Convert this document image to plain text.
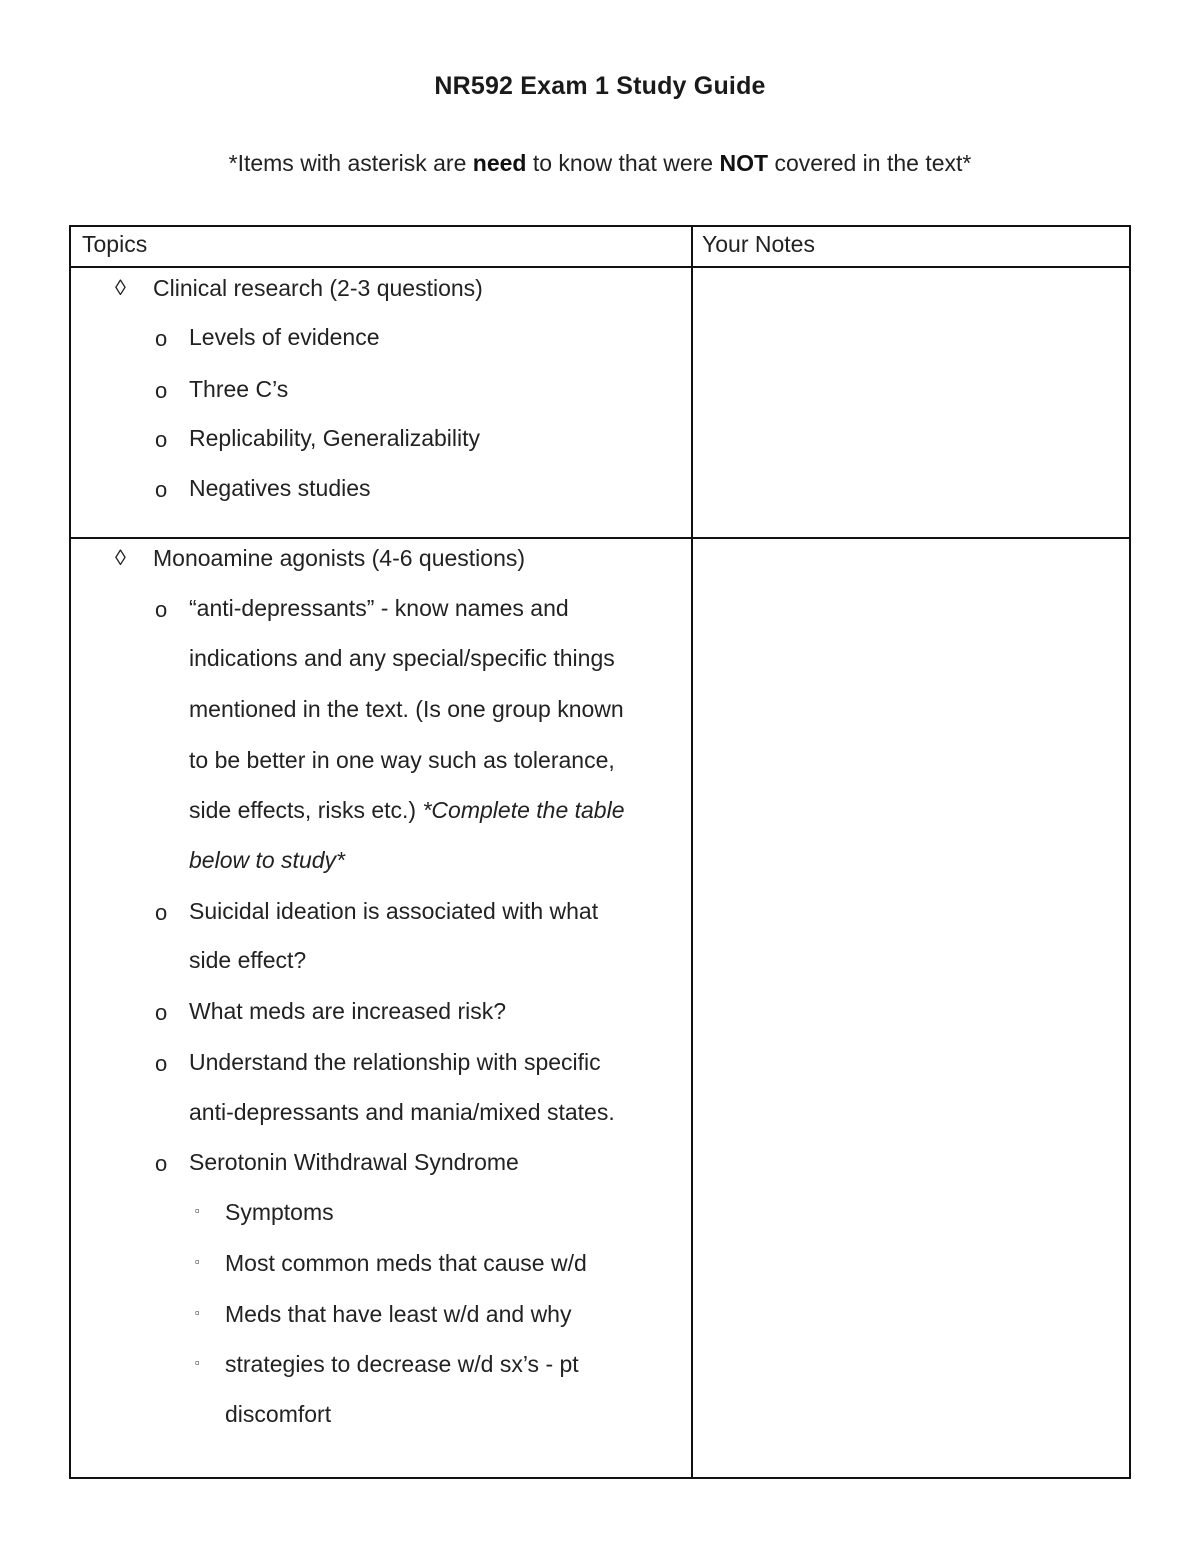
NR592 Exam 1 Study Guide
*Items with asterisk are need to know that were NOT covered in the text*
Topics	Your Notes
◊ Clinical research (2-3 questions)
o Levels of evidence
o Three C’s
o Replicability, Generalizability
o Negatives studies
◊ Monoamine agonists (4-6 questions)
o “anti-depressants” - know names and
indications and any special/specific things
mentioned in the text. (Is one group known
to be better in one way such as tolerance,
side effects, risks etc.) *Complete the table
below to study*
o Suicidal ideation is associated with what
side effect?
o What meds are increased risk?
o Understand the relationship with specific
anti-depressants and mania/mixed states.
o Serotonin Withdrawal Syndrome
▫ Symptoms
▫ Most common meds that cause w/d
▫ Meds that have least w/d and why
▫ strategies to decrease w/d sx’s - pt
discomfort
